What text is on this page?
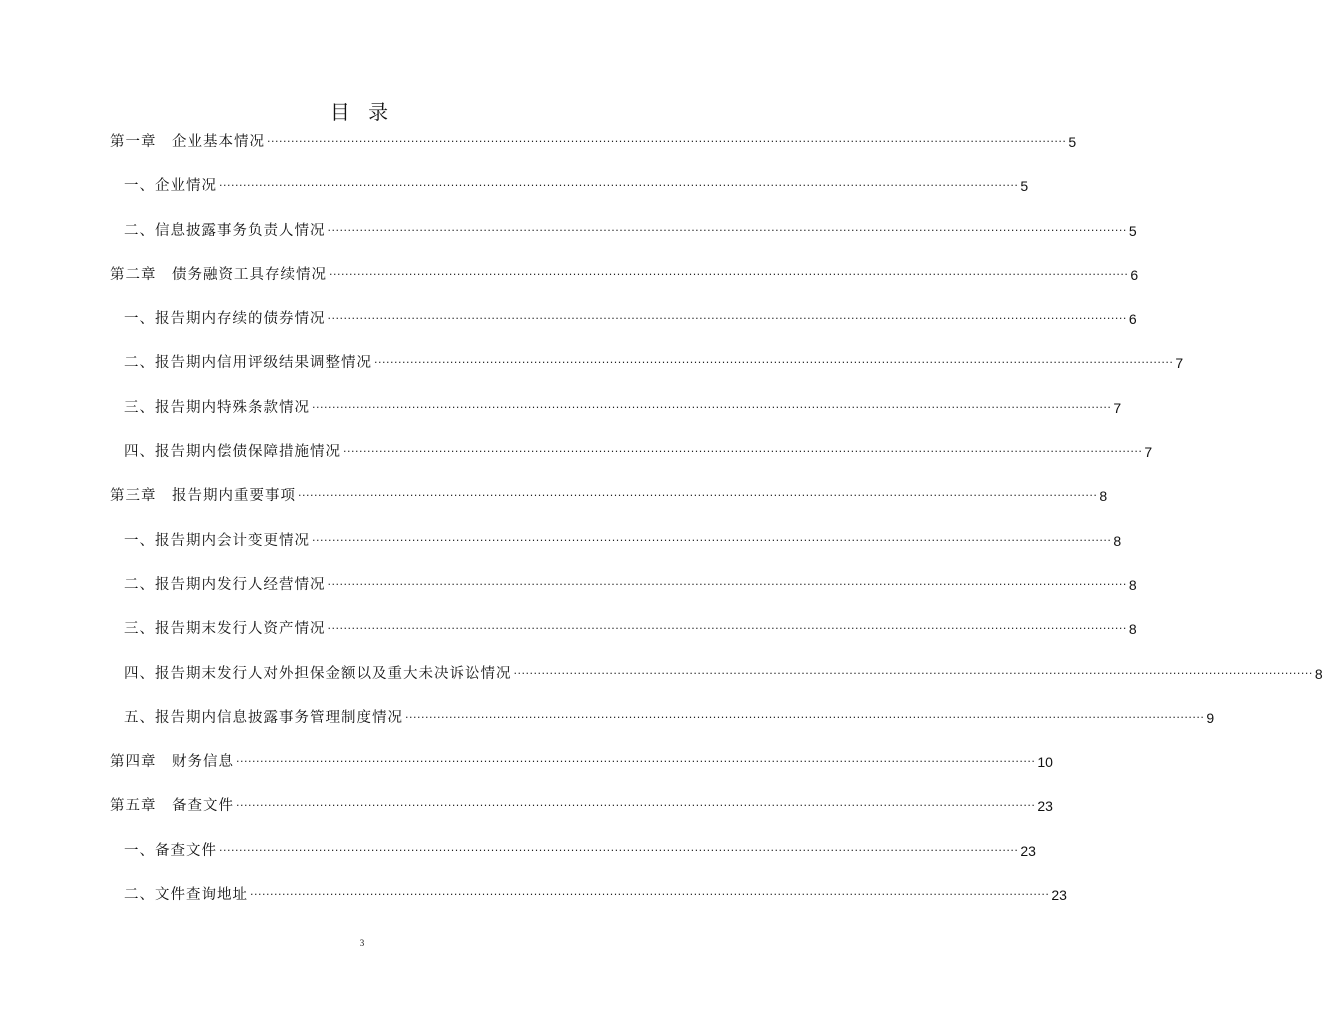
目 录
第一章　企业基本情况 ........................................................................................................................................................................................................ 5
一、企业情况 ........................................................................................................................................................................................................ 5
二、信息披露事务负责人情况 ........................................................................................................................................................................................................ 5
第二章　债务融资工具存续情况 ........................................................................................................................................................................................................ 6
一、报告期内存续的债券情况 ........................................................................................................................................................................................................ 6
二、报告期内信用评级结果调整情况 ........................................................................................................................................................................................................ 7
三、报告期内特殊条款情况 ........................................................................................................................................................................................................ 7
四、报告期内偿债保障措施情况 ........................................................................................................................................................................................................ 7
第三章　报告期内重要事项 ........................................................................................................................................................................................................ 8
一、报告期内会计变更情况 ........................................................................................................................................................................................................ 8
二、报告期内发行人经营情况 ........................................................................................................................................................................................................ 8
三、报告期末发行人资产情况 ........................................................................................................................................................................................................ 8
四、报告期末发行人对外担保金额以及重大未决诉讼情况 ........................................................................................................................................................................................................ 8
五、报告期内信息披露事务管理制度情况 ........................................................................................................................................................................................................ 9
第四章　财务信息 ........................................................................................................................................................................................................ 10
第五章　备查文件 ........................................................................................................................................................................................................ 23
一、备查文件 ........................................................................................................................................................................................................ 23
二、文件查询地址 ........................................................................................................................................................................................................ 23
3
